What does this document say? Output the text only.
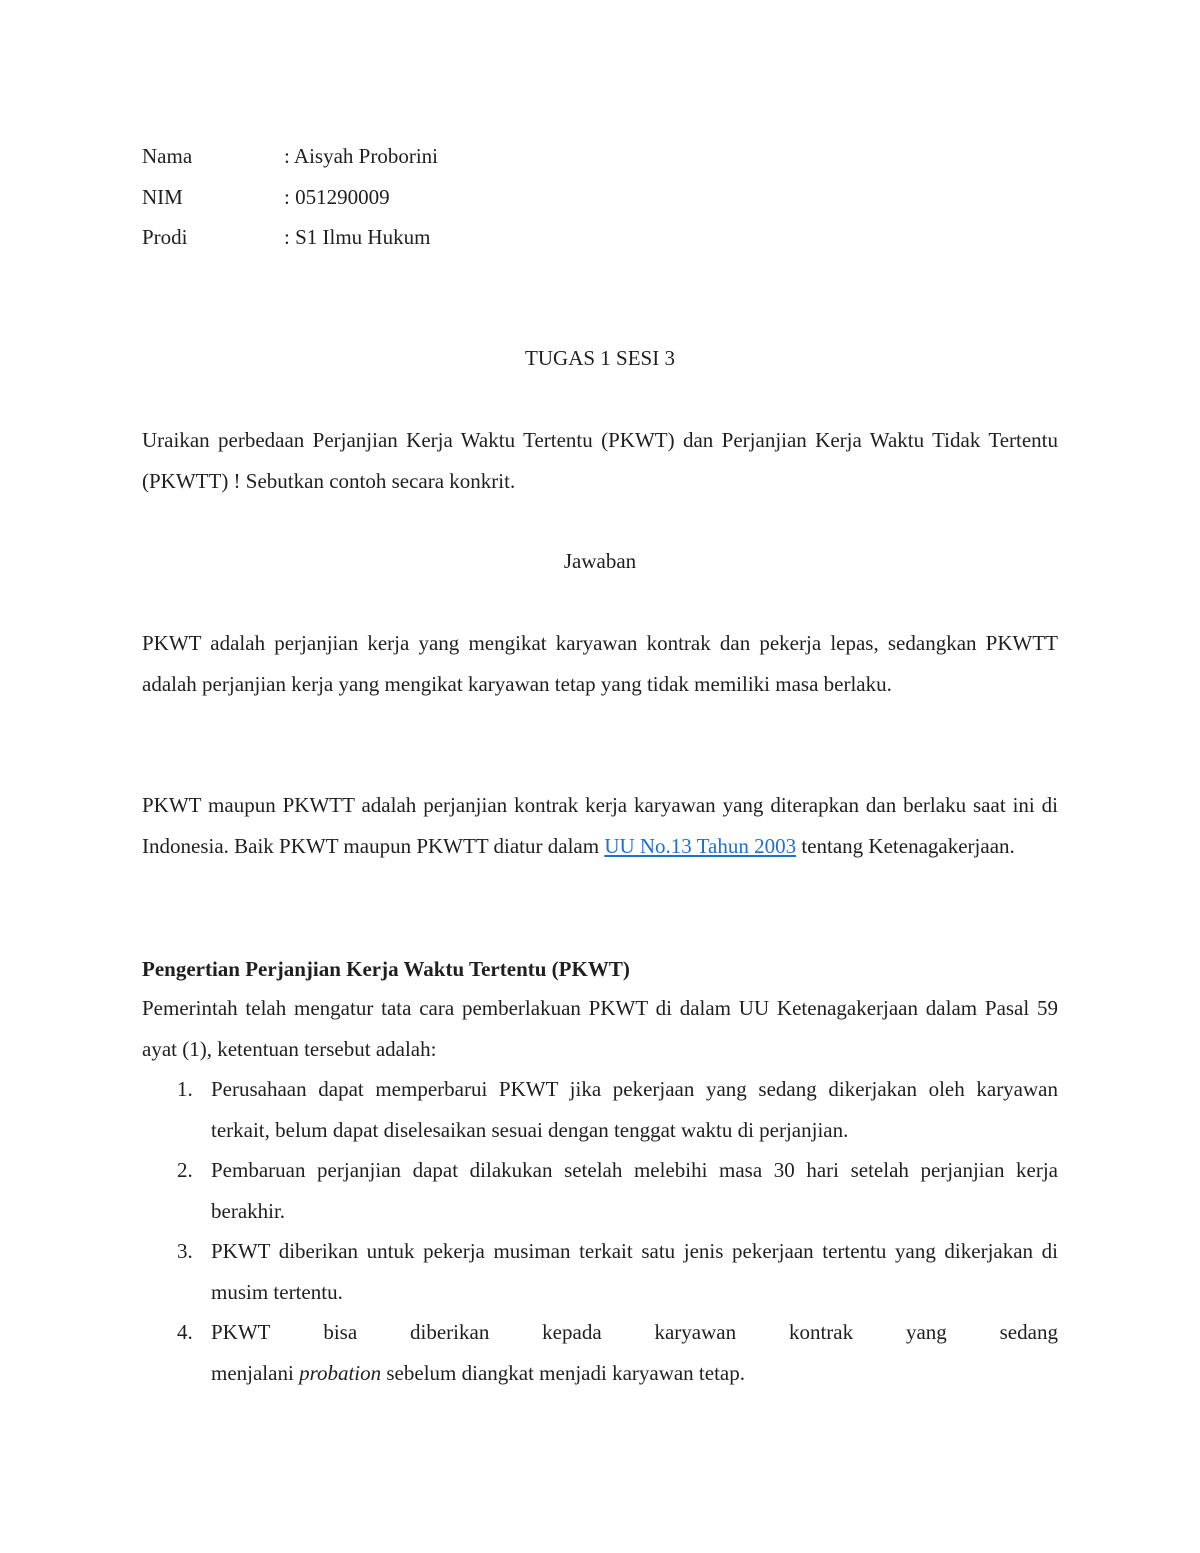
Nama	: Aisyah Proborini
NIM	: 051290009
Prodi	: S1 Ilmu Hukum
TUGAS 1 SESI 3
Uraikan perbedaan Perjanjian Kerja Waktu Tertentu (PKWT) dan Perjanjian Kerja Waktu Tidak Tertentu (PKWTT) ! Sebutkan contoh secara konkrit.
Jawaban
PKWT adalah perjanjian kerja yang mengikat karyawan kontrak dan pekerja lepas, sedangkan PKWTT adalah perjanjian kerja yang mengikat karyawan tetap yang tidak memiliki masa berlaku.
PKWT maupun PKWTT adalah perjanjian kontrak kerja karyawan yang diterapkan dan berlaku saat ini di Indonesia. Baik PKWT maupun PKWTT diatur dalam UU No.13 Tahun 2003 tentang Ketenagakerjaan.
Pengertian Perjanjian Kerja Waktu Tertentu (PKWT)
Pemerintah telah mengatur tata cara pemberlakuan PKWT di dalam UU Ketenagakerjaan dalam Pasal 59 ayat (1), ketentuan tersebut adalah:
1. Perusahaan dapat memperbarui PKWT jika pekerjaan yang sedang dikerjakan oleh karyawan terkait, belum dapat diselesaikan sesuai dengan tenggat waktu di perjanjian.
2. Pembaruan perjanjian dapat dilakukan setelah melebihi masa 30 hari setelah perjanjian kerja berakhir.
3. PKWT diberikan untuk pekerja musiman terkait satu jenis pekerjaan tertentu yang dikerjakan di musim tertentu.
4. PKWT	bisa	diberikan	kepada	karyawan	kontrak	yang	sedang
menjalani probation sebelum diangkat menjadi karyawan tetap.
